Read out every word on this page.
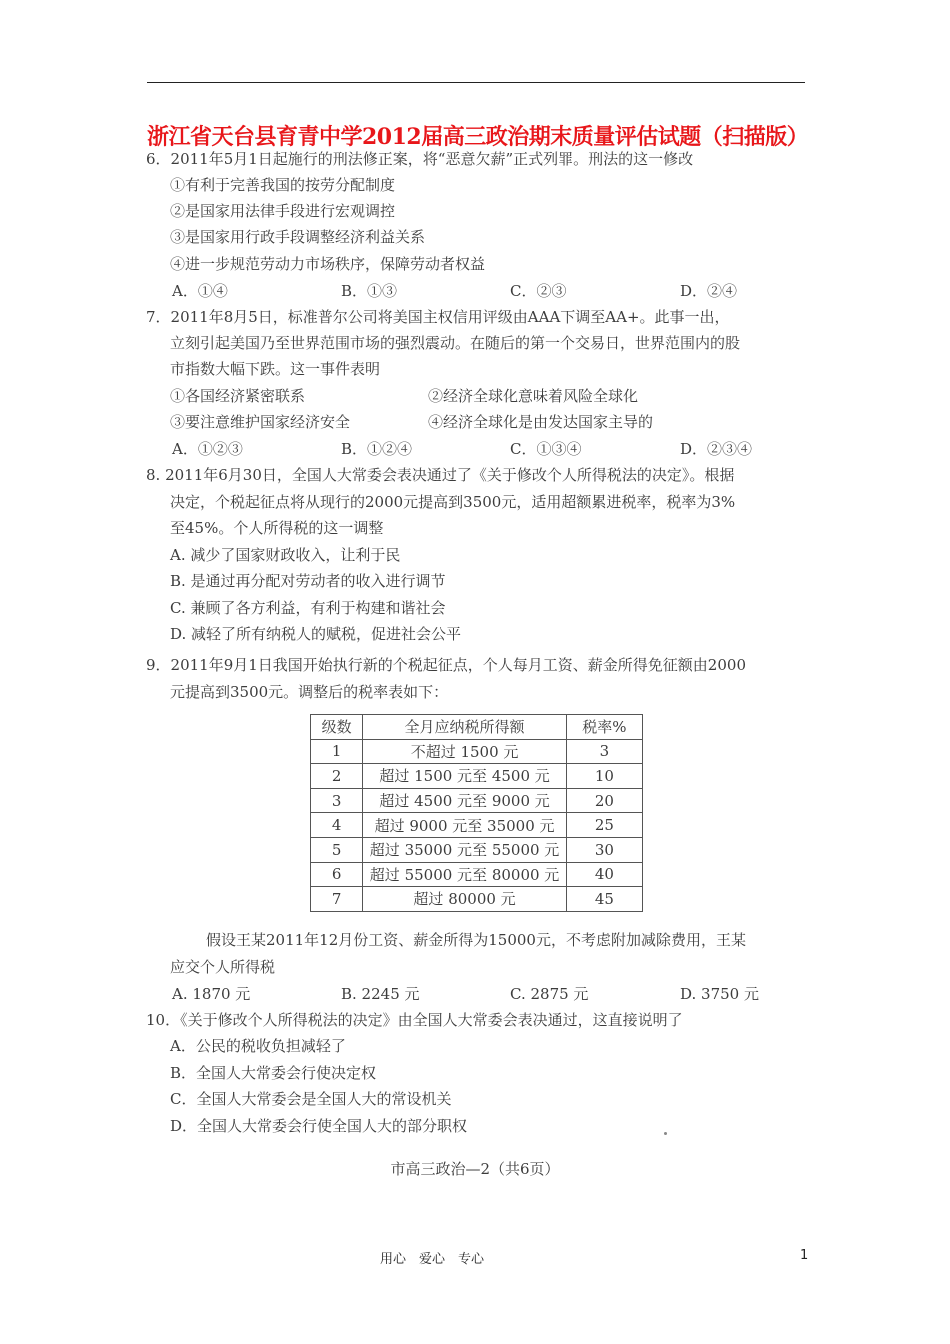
浙江省天台县育青中学2012届高三政治期末质量评估试题（扫描版）
6．2011年5月1日起施行的刑法修正案，将“恶意欠薪”正式列罪。刑法的这一修改
①有利于完善我国的按劳分配制度
②是国家用法律手段进行宏观调控
③是国家用行政手段调整经济利益关系
④进一步规范劳动力市场秩序，保障劳动者权益
A．①④	B．①③	C．②③	D．②④
7．2011年8月5日，标准普尔公司将美国主权信用评级由AAA下调至AA+。此事一出，
立刻引起美国乃至世界范围市场的强烈震动。在随后的第一个交易日，世界范围内的股
市指数大幅下跌。这一事件表明
①各国经济紧密联系	②经济全球化意味着风险全球化
③要注意维护国家经济安全	④经济全球化是由发达国家主导的
A．①②③	B．①②④	C．①③④	D．②③④
8. 2011年6月30日，全国人大常委会表决通过了《关于修改个人所得税法的决定》。根据
决定，个税起征点将从现行的2000元提高到3500元，适用超额累进税率，税率为3%
至45%。个人所得税的这一调整
A. 减少了国家财政收入，让利于民
B. 是通过再分配对劳动者的收入进行调节
C. 兼顾了各方利益，有利于构建和谐社会
D. 减轻了所有纳税人的赋税，促进社会公平
9．2011年9月1日我国开始执行新的个税起征点，个人每月工资、薪金所得免征额由2000
元提高到3500元。调整后的税率表如下：
级数	全月应纳税所得额	税率%
1	不超过 1500 元	3
2	超过 1500 元至 4500 元	10
3	超过 4500 元至 9000 元	20
4	超过 9000 元至 35000 元	25
5	超过 35000 元至 55000 元	30
6	超过 55000 元至 80000 元	40
7	超过 80000 元	45
假设王某2011年12月份工资、薪金所得为15000元，不考虑附加减除费用，王某
应交个人所得税
A. 1870 元	B. 2245 元	C. 2875 元	D. 3750 元
10．《关于修改个人所得税法的决定》由全国人大常委会表决通过，这直接说明了
A．公民的税收负担减轻了
B．全国人大常委会行使决定权
C．全国人大常委会是全国人大的常设机关
D．全国人大常委会行使全国人大的部分职权
市高三政治—2（共6页）
用心　爱心　专心	1
